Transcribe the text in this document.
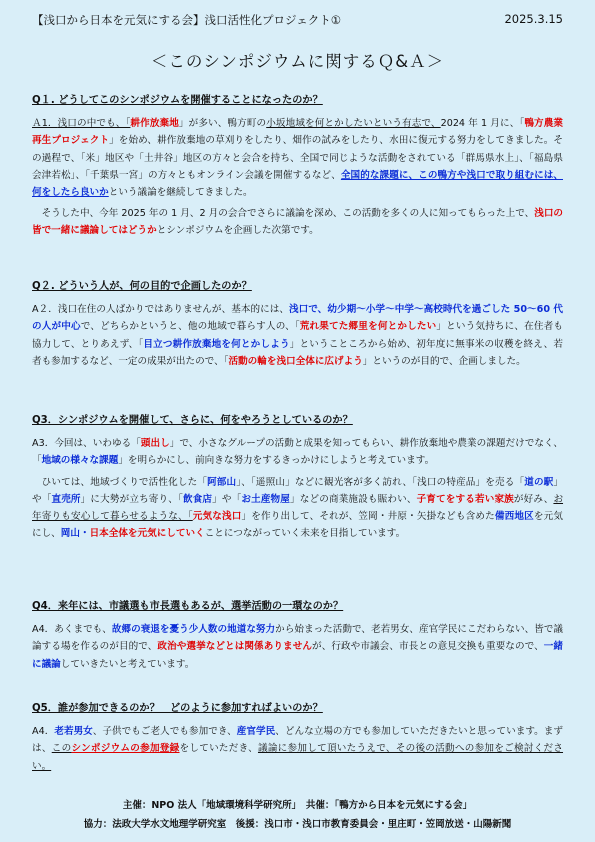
【浅口から日本を元気にする会】浅口活性化プロジェクト①	2025.3.15
＜このシンポジウムに関するＱ&Ａ＞

Q１. どうしてこのシンポジウムを開催することになったのか？

Ａ1．浅口の中でも、「耕作放棄地」が多い、鴨方町の小坂地域を何とかしたいという有志で、2024 年 1 月に、「鴨方農業再生プロジェクト」を始め、耕作放棄地の草刈りをしたり、畑作の試みをしたり、水田に復元する努力をしてきました。その過程で、「米」地区や「土井谷」地区の方々と会合を持ち、全国で同じような活動をされている「群馬県水上」、「福島県会津若松」、「千葉県一宮」の方々ともオンライン会議を開催するなど、全国的な課題に、この鴨方や浅口で取り組むには、何をしたら良いかという議論を継続してきました。

そうした中、今年 2025 年の 1 月、2 月の会合でさらに議論を深め、この活動を多くの人に知ってもらった上で、浅口の皆で一緒に議論してはどうかとシンポジウムを企画した次第です。

Q２. どういう人が、何の目的で企画したのか？

A２．浅口在住の人ばかりではありませんが、基本的には、浅口で、幼少期～小学～中学～高校時代を過ごした 50～60 代の人が中心で、どちらかというと、他の地域で暮らす人の、「荒れ果てた郷里を何とかしたい」という気持ちに、在住者も協力して、とりあえず、「目立つ耕作放棄地を何とかしよう」ということころから始め、初年度に無事米の収穫を終え、若者も参加するなど、一定の成果が出たので、「活動の輪を浅口全体に広げよう」というのが目的で、企画しました。

Q3．シンポジウムを開催して、さらに、何をやろうとしているのか？

A3．今回は、いわゆる「頭出し」で、小さなグループの活動と成果を知ってもらい、耕作放棄地や農業の課題だけでなく、「地域の様々な課題」を明らかにし、前向きな努力をするきっかけにしようと考えています。

ひいては、地域づくりで活性化した「阿部山」、「遥照山」などに観光客が多く訪れ、「浅口の特産品」を売る「道の駅」や「直売所」に大勢が立ち寄り、「飲食店」や「お土産物屋」などの商業施設も賑わい、子育てをする若い家族が好み、お年寄りも安心して暮らせるような、「元気な浅口」を作り出して、それが、笠岡・井原・矢掛なども含めた備西地区を元気にし、岡山・日本全体を元気にしていくことにつながっていく未来を目指しています。

Q4．来年には、市議選も市長選もあるが、選挙活動の一環なのか？

A4．あくまでも、故郷の衰退を憂う少人数の地道な努力から始まった活動で、老若男女、産官学民にこだわらない、皆で議論する場を作るのが目的で、政治や選挙などとは関係ありませんが、行政や市議会、市長との意見交換も重要なので、一緒に議論していきたいと考えています。

Q5．誰が参加できるのか？　どのように参加すればよいのか？

A4．老若男女、子供でもご老人でも参加でき、産官学民、どんな立場の方でも参加していただきたいと思っています。まずは、このシンポジウムの参加登録をしていただき、議論に参加して頂いたうえで、その後の活動への参加をご検討ください。

主催：NPO 法人「地域環境科学研究所」　共催：「鴨方から日本を元気にする会」
協力：法政大学水文地理学研究室　後援：浅口市・浅口市教育委員会・里庄町・笠岡放送・山陽新聞
